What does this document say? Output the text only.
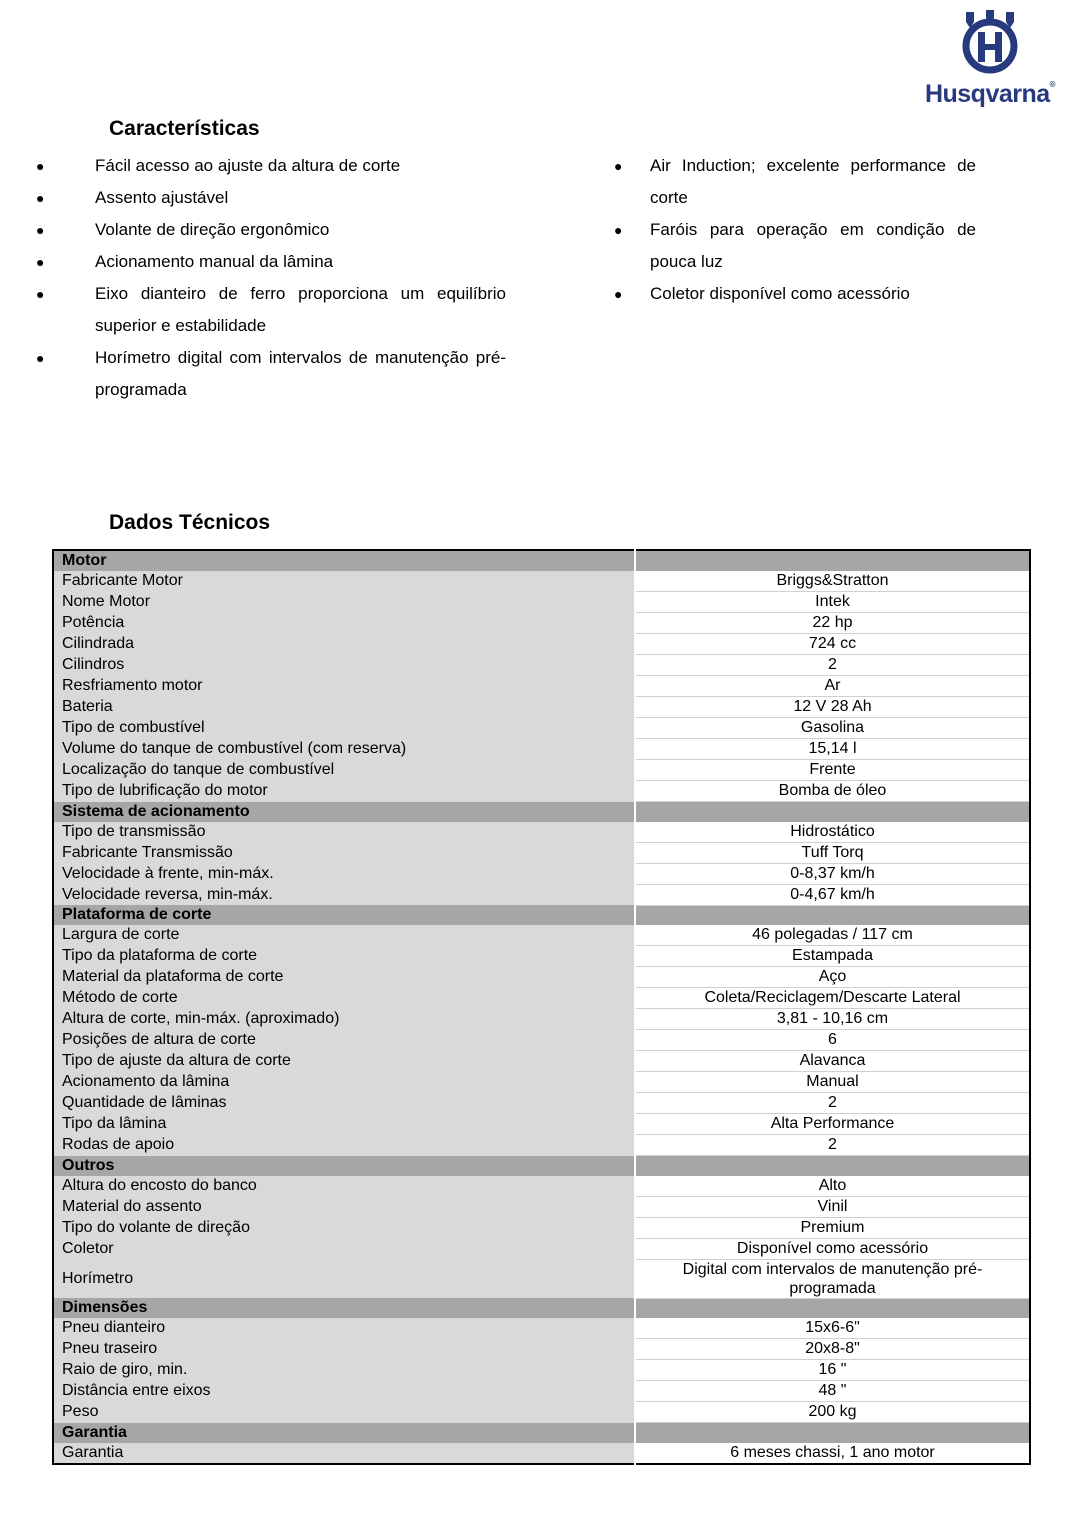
Husqvarna®
Características
●	Fácil acesso ao ajuste da altura de corte
●	Assento ajustável
●	Volante de direção ergonômico
●	Acionamento manual da lâmina
●	Eixo dianteiro de ferro proporciona um equilíbrio superior e estabilidade
●	Horímetro digital com intervalos de manutenção pré-programada
● Air Induction; excelente performance de corte
● Faróis para operação em condição de pouca luz
● Coletor disponível como acessório
Dados Técnicos
Motor	
Fabricante Motor	Briggs&Stratton
Nome Motor	Intek
Potência	22 hp
Cilindrada	724 cc
Cilindros	2
Resfriamento motor	Ar
Bateria	12 V 28 Ah
Tipo de combustível	Gasolina
Volume do tanque de combustível (com reserva)	15,14 l
Localização do tanque de combustível	Frente
Tipo de lubrificação do motor	Bomba de óleo
Sistema de acionamento	
Tipo de transmissão	Hidrostático
Fabricante Transmissão	Tuff Torq
Velocidade à frente, min-máx.	0-8,37 km/h
Velocidade reversa, min-máx.	0-4,67 km/h
Plataforma de corte	
Largura de corte	46 polegadas / 117 cm
Tipo da plataforma de corte	Estampada
Material da plataforma de corte	Aço
Método de corte	Coleta/Reciclagem/Descarte Lateral
Altura de corte, min-máx. (aproximado)	3,81 - 10,16 cm
Posições de altura de corte	6
Tipo de ajuste da altura de corte	Alavanca
Acionamento da lâmina	Manual
Quantidade de lâminas	2
Tipo da lâmina	Alta Performance
Rodas de apoio	2
Outros	
Altura do encosto do banco	Alto
Material do assento	Vinil
Tipo do volante de direção	Premium
Coletor	Disponível como acessório
Horímetro	Digital com intervalos de manutenção pré-programada
Dimensões	
Pneu dianteiro	15x6-6"
Pneu traseiro	20x8-8"
Raio de giro, min.	16 "
Distância entre eixos	48 "
Peso	200 kg
Garantia	
Garantia	6 meses chassi, 1 ano motor
